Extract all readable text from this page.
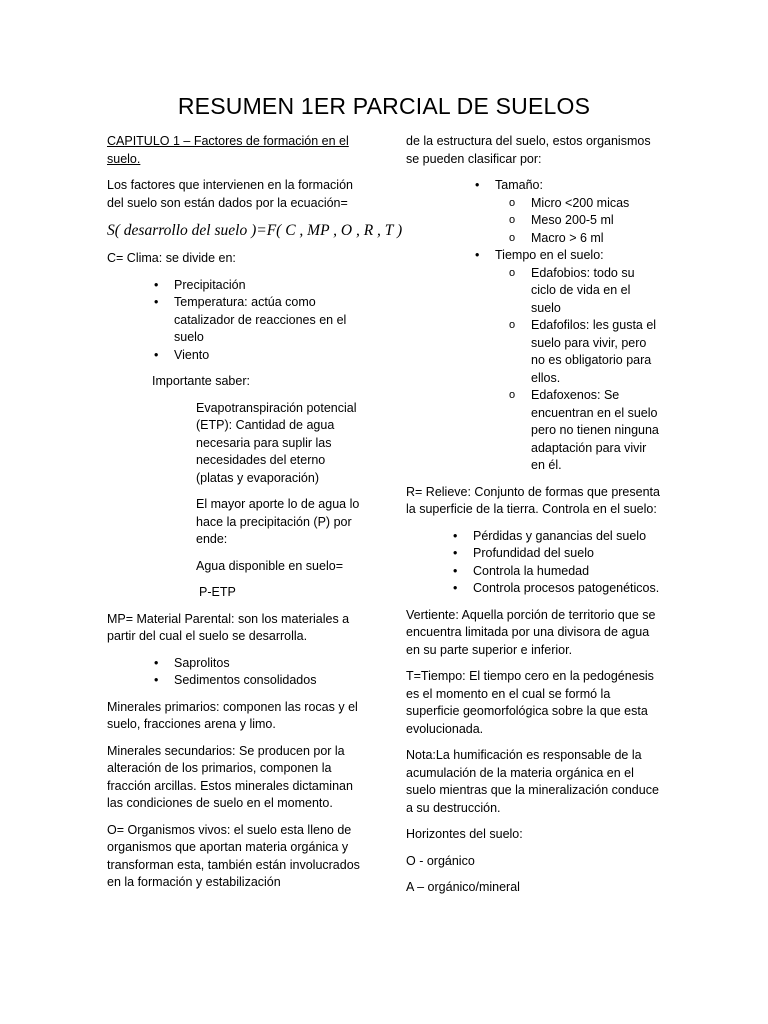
RESUMEN 1ER PARCIAL DE SUELOS

CAPITULO 1 – Factores de formación en el suelo.

Los factores que intervienen en la formación del suelo son están dados por la ecuación=

S( desarrollo del suelo )=F( C , MP , O , R , T )

C= Clima: se divide en:

• Precipitación
• Temperatura: actúa como catalizador de reacciones en el suelo
• Viento

Importante saber:

Evapotranspiración potencial (ETP): Cantidad de agua necesaria para suplir las necesidades del eterno (platas y evaporación)

El mayor aporte lo de agua lo hace la precipitación (P) por ende:

Agua disponible en suelo=

P-ETP

MP= Material Parental: son los materiales a partir del cual el suelo se desarrolla.

• Saprolitos
• Sedimentos consolidados

Minerales primarios: componen las rocas y el suelo, fracciones arena y limo.

Minerales secundarios: Se producen por la alteración de los primarios, componen la fracción arcillas. Estos minerales dictaminan las condiciones de suelo en el momento.

O= Organismos vivos: el suelo esta lleno de organismos que aportan materia orgánica y transforman esta, también están involucrados en la formación y estabilización

de la estructura del suelo, estos organismos se pueden clasificar por:

• Tamaño:
o Micro <200 micas
o Meso 200-5 ml
o Macro > 6 ml
• Tiempo en el suelo:
o Edafobios: todo su ciclo de vida en el suelo
o Edafofilos: les gusta el suelo para vivir, pero no es obligatorio para ellos.
o Edafoxenos: Se encuentran en el suelo pero no tienen ninguna adaptación para vivir en él.

R= Relieve: Conjunto de formas que presenta la superficie de la tierra. Controla en el suelo:

• Pérdidas y ganancias del suelo
• Profundidad del suelo
• Controla la humedad
• Controla procesos patogenéticos.

Vertiente: Aquella porción de territorio que se encuentra limitada por una divisora de agua en su parte superior e inferior.

T=Tiempo: El tiempo cero en la pedogénesis es el momento en el cual se formó la superficie geomorfológica sobre la que esta evolucionada.

Nota:La humificación es responsable de la acumulación de la materia orgánica en el suelo mientras que la mineralización conduce a su destrucción.

Horizontes del suelo:

O - orgánico

A – orgánico/mineral
